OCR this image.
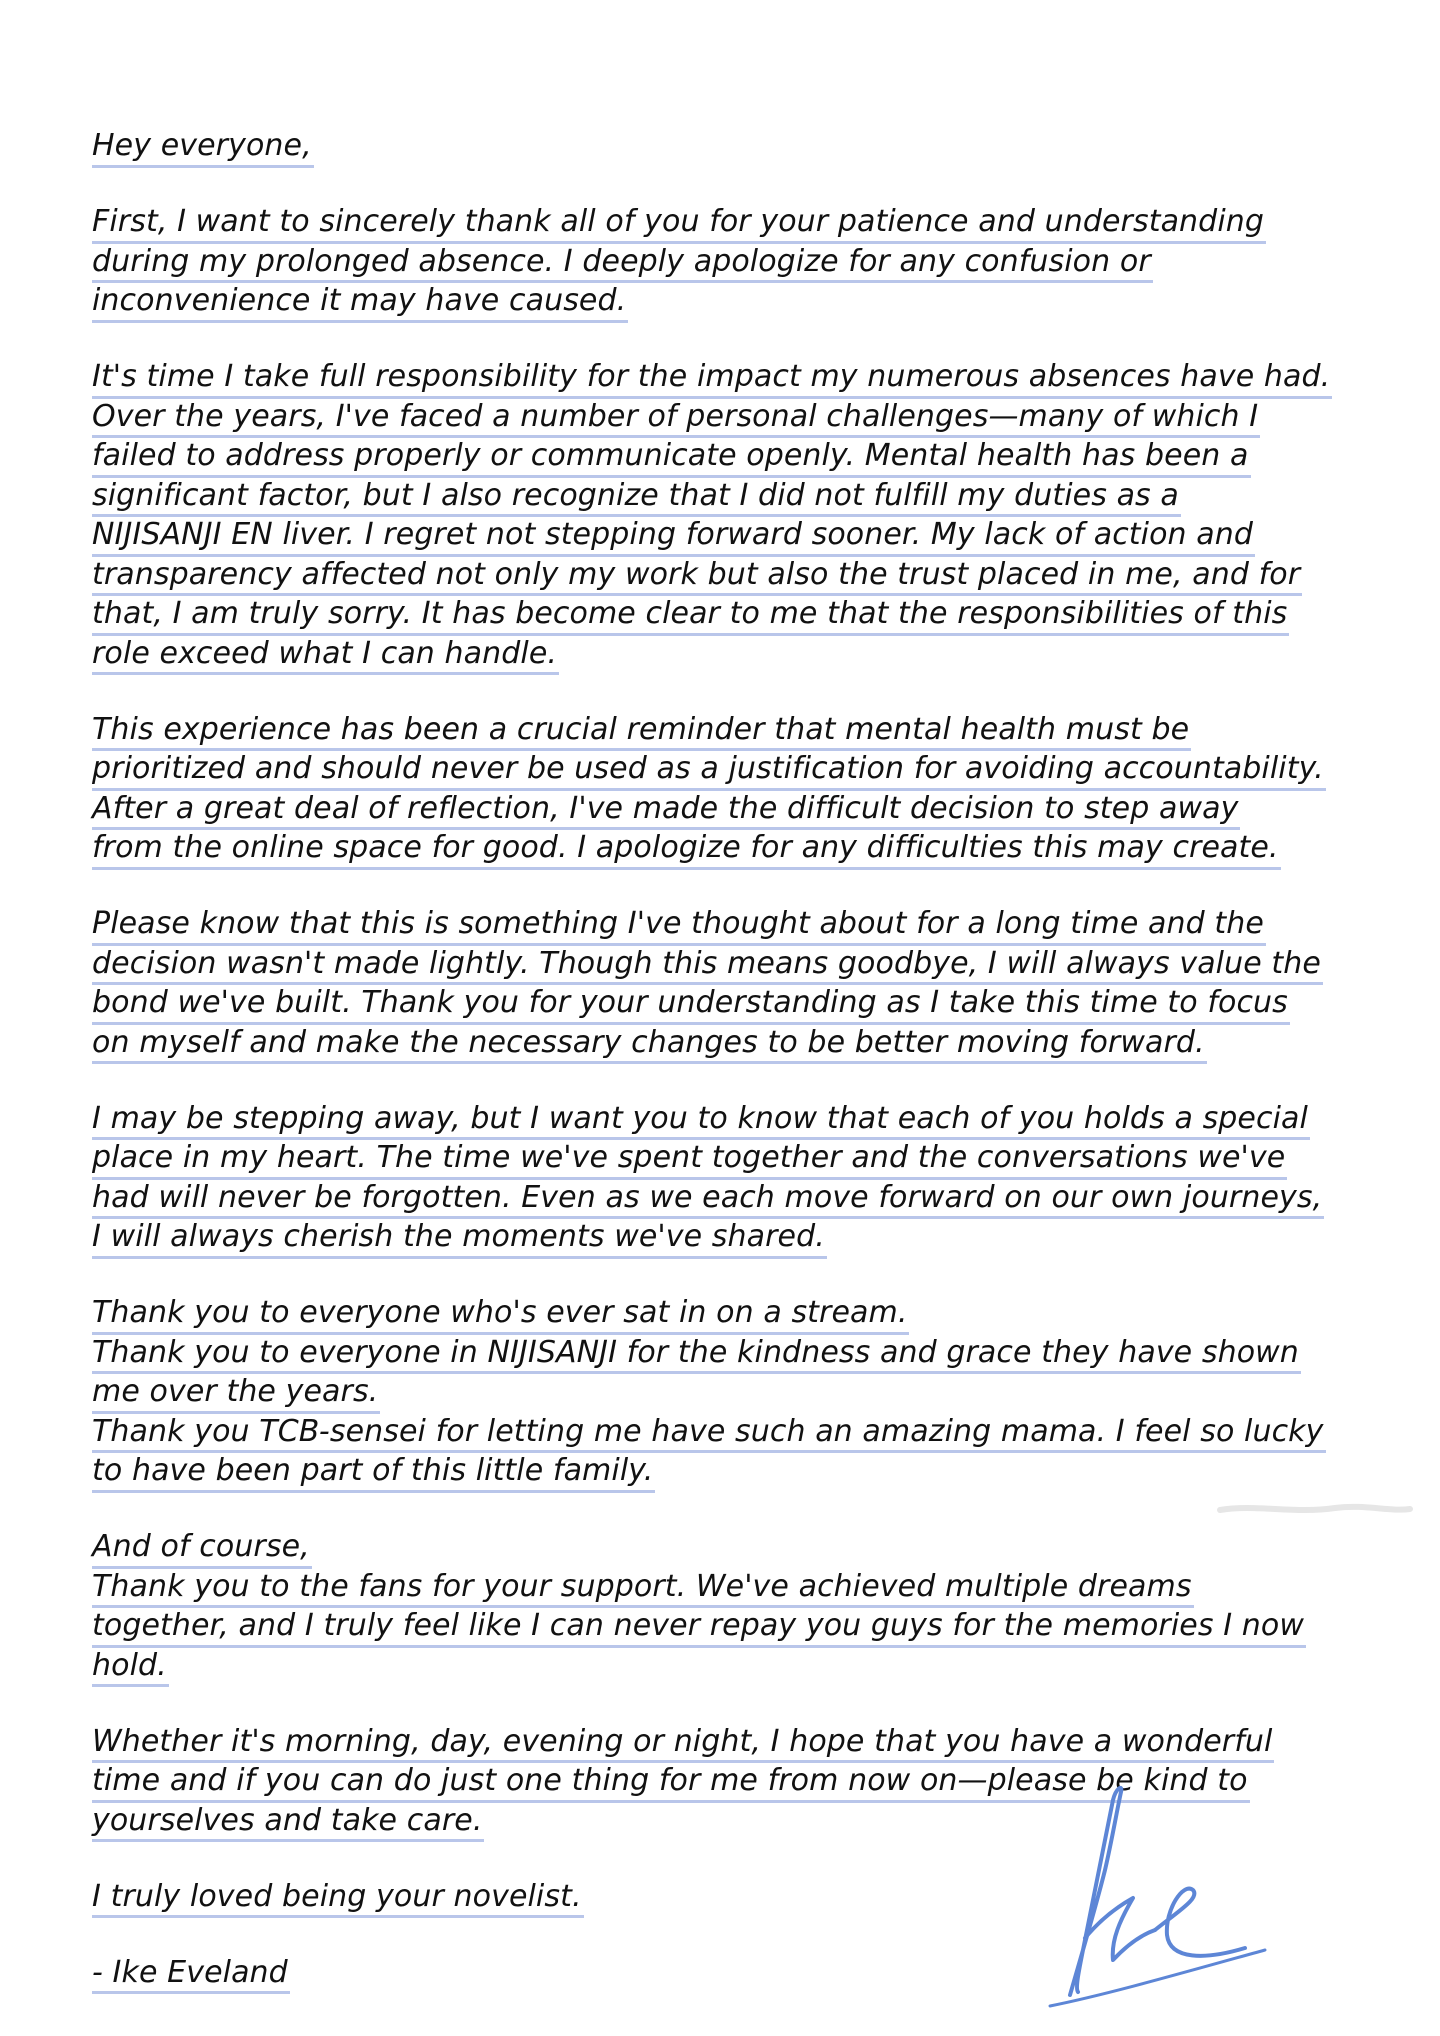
Hey everyone,
First, I want to sincerely thank all of you for your patience and understanding
during my prolonged absence. I deeply apologize for any confusion or
inconvenience it may have caused.
It's time I take full responsibility for the impact my numerous absences have had.
Over the years, I've faced a number of personal challenges—many of which I
failed to address properly or communicate openly. Mental health has been a
significant factor, but I also recognize that I did not fulfill my duties as a
NIJISANJI EN liver. I regret not stepping forward sooner. My lack of action and
transparency affected not only my work but also the trust placed in me, and for
that, I am truly sorry. It has become clear to me that the responsibilities of this
role exceed what I can handle.
This experience has been a crucial reminder that mental health must be
prioritized and should never be used as a justification for avoiding accountability.
After a great deal of reflection, I've made the difficult decision to step away
from the online space for good. I apologize for any difficulties this may create.
Please know that this is something I've thought about for a long time and the
decision wasn't made lightly. Though this means goodbye, I will always value the
bond we've built. Thank you for your understanding as I take this time to focus
on myself and make the necessary changes to be better moving forward.
I may be stepping away, but I want you to know that each of you holds a special
place in my heart. The time we've spent together and the conversations we've
had will never be forgotten. Even as we each move forward on our own journeys,
I will always cherish the moments we've shared.
Thank you to everyone who's ever sat in on a stream.
Thank you to everyone in NIJISANJI for the kindness and grace they have shown
me over the years.
Thank you TCB-sensei for letting me have such an amazing mama. I feel so lucky
to have been part of this little family.
And of course,
Thank you to the fans for your support. We've achieved multiple dreams
together, and I truly feel like I can never repay you guys for the memories I now
hold.
Whether it's morning, day, evening or night, I hope that you have a wonderful
time and if you can do just one thing for me from now on—please be kind to
yourselves and take care.
I truly loved being your novelist.
- Ike Eveland
